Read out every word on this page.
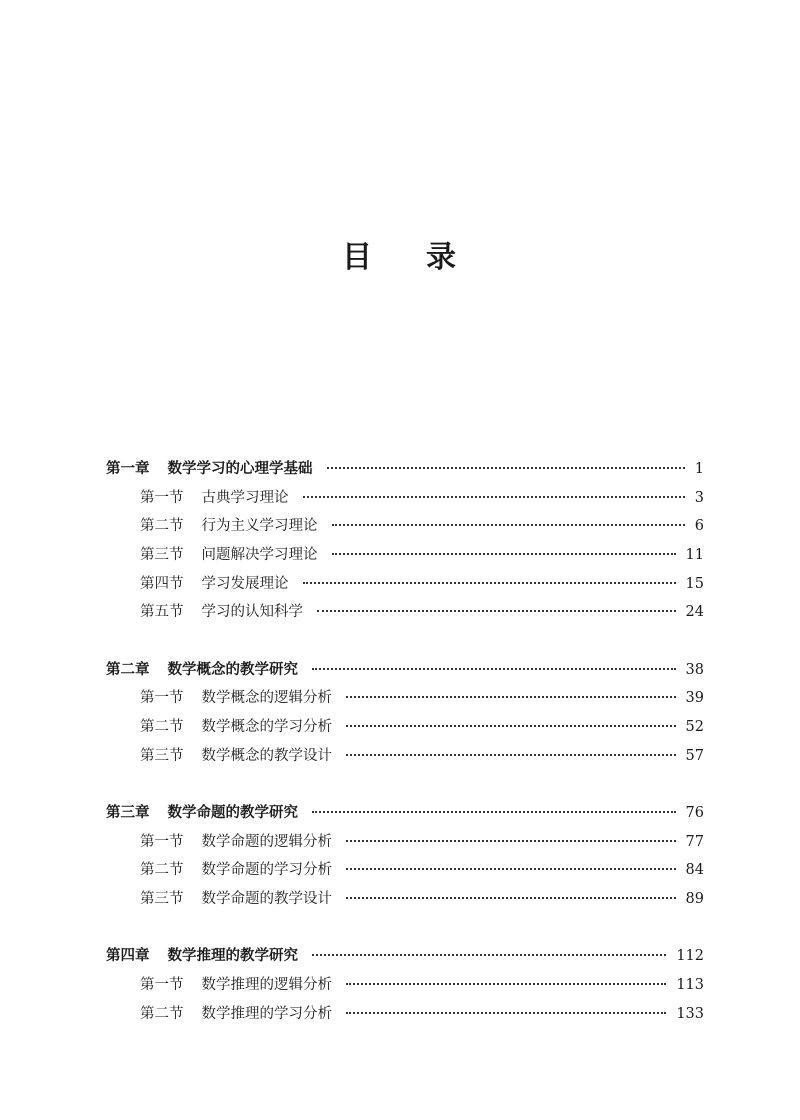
目 录
第一章 数学学习的心理学基础	1
第一节 古典学习理论	3
第二节 行为主义学习理论	6
第三节 问题解决学习理论	11
第四节 学习发展理论	15
第五节 学习的认知科学	24
第二章 数学概念的教学研究	38
第一节 数学概念的逻辑分析	39
第二节 数学概念的学习分析	52
第三节 数学概念的教学设计	57
第三章 数学命题的教学研究	76
第一节 数学命题的逻辑分析	77
第二节 数学命题的学习分析	84
第三节 数学命题的教学设计	89
第四章 数学推理的教学研究	112
第一节 数学推理的逻辑分析	113
第二节 数学推理的学习分析	133
